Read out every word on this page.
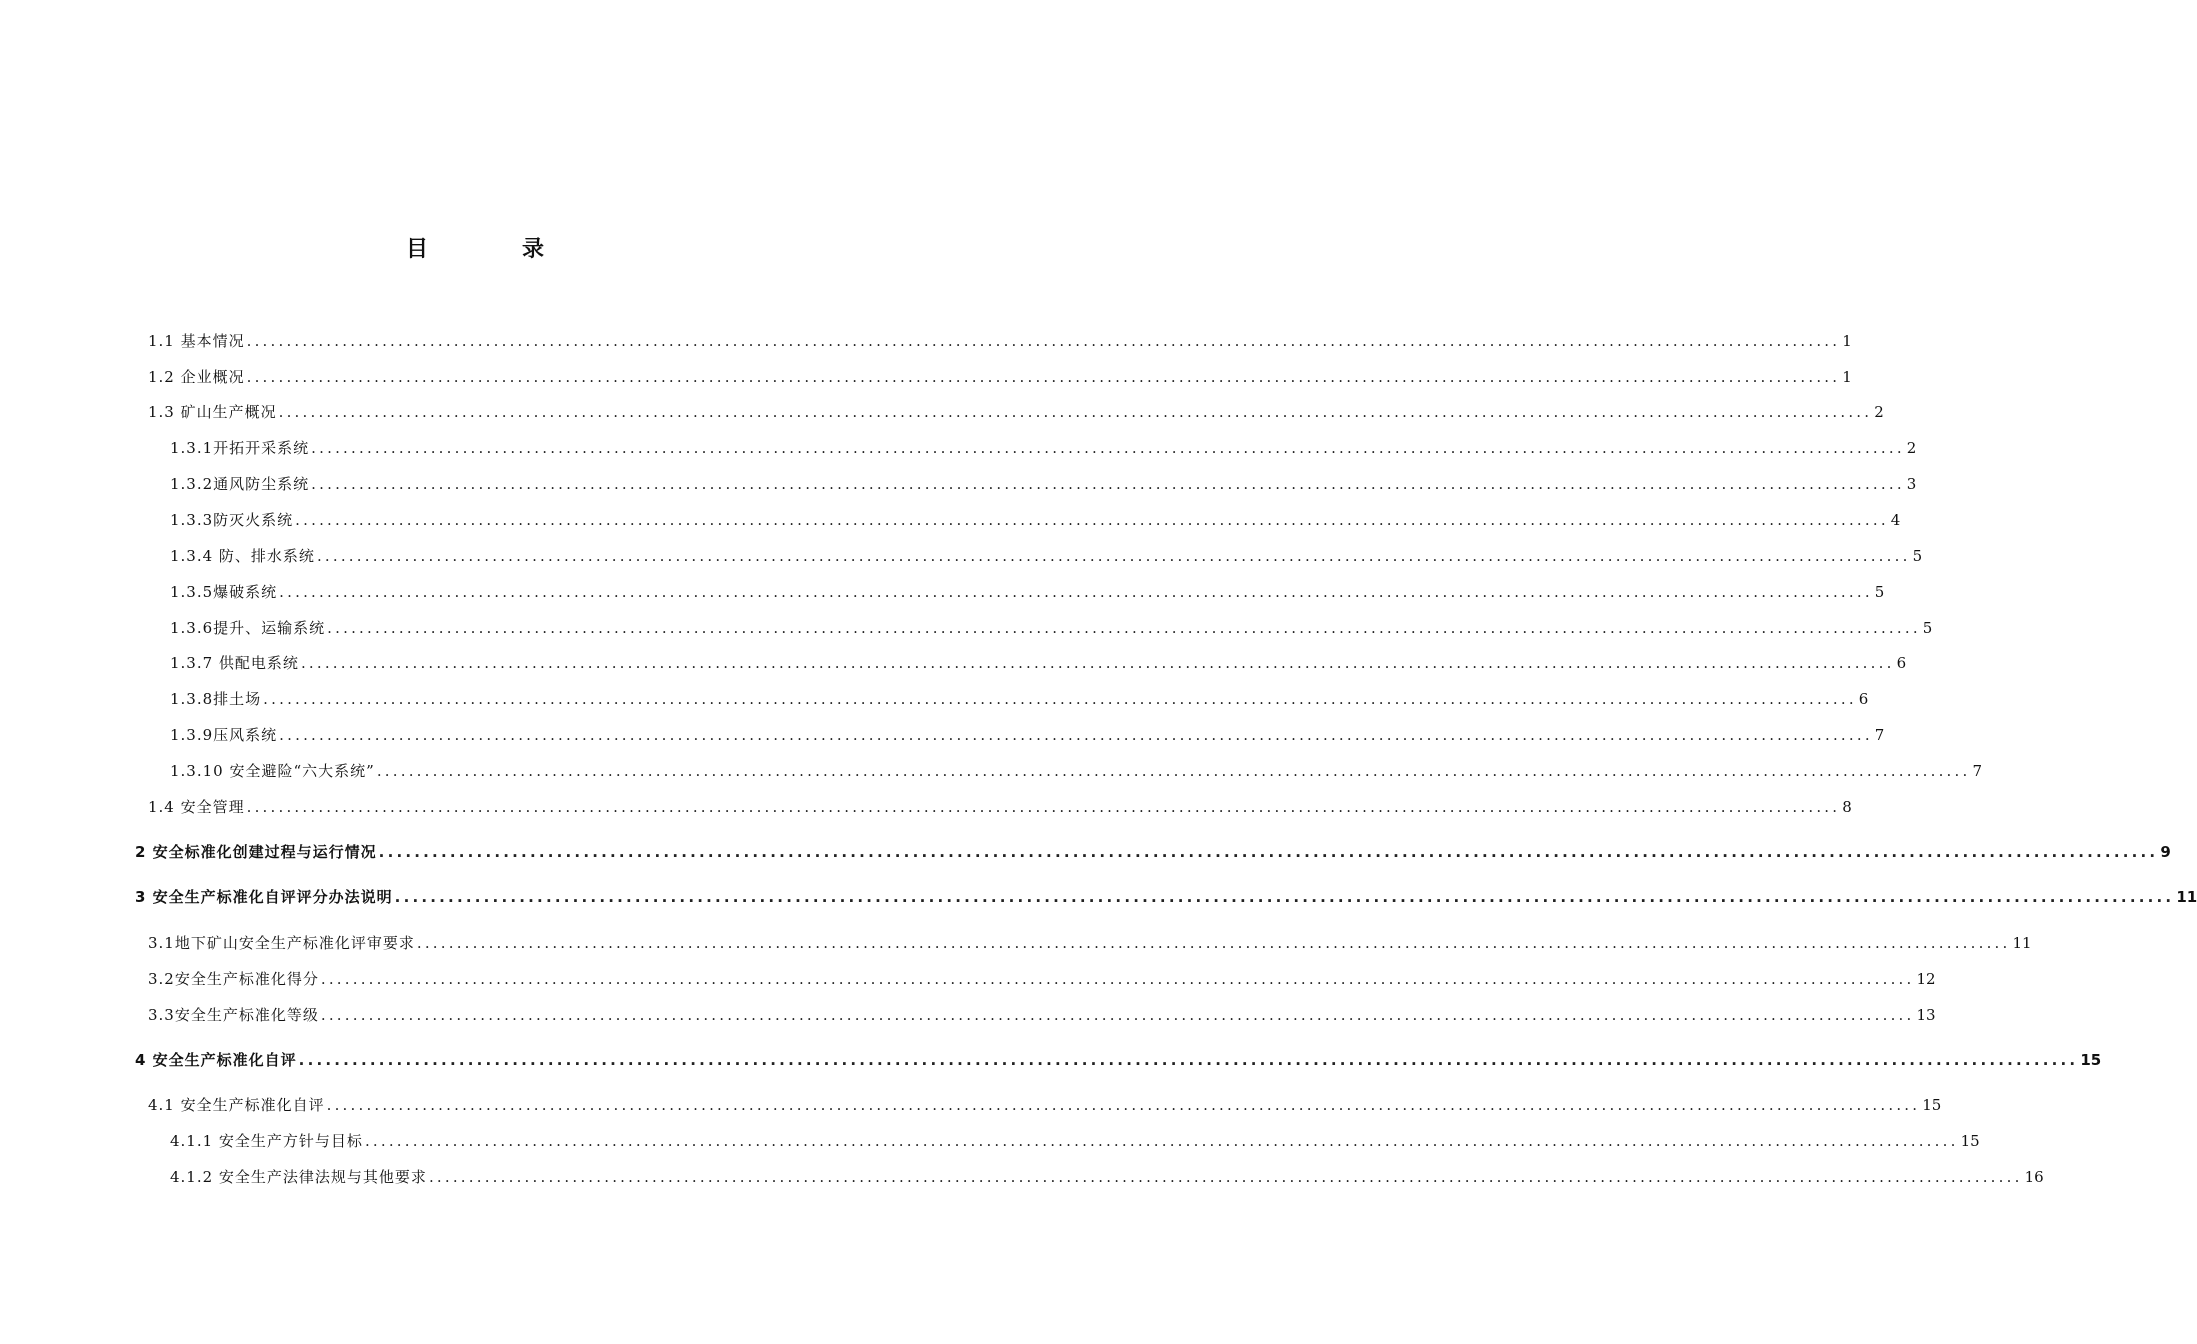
目　录
1.1 基本情况 ........................................................................................................................................................................................................ 1
1.2 企业概况 ........................................................................................................................................................................................................ 1
1.3 矿山生产概况 ........................................................................................................................................................................................................ 2
1.3.1开拓开采系统 ........................................................................................................................................................................................................ 2
1.3.2通风防尘系统 ........................................................................................................................................................................................................ 3
1.3.3防灭火系统 ........................................................................................................................................................................................................ 4
1.3.4 防、排水系统 ........................................................................................................................................................................................................ 5
1.3.5爆破系统 ........................................................................................................................................................................................................ 5
1.3.6提升、运输系统 ........................................................................................................................................................................................................ 5
1.3.7 供配电系统 ........................................................................................................................................................................................................ 6
1.3.8排土场 ........................................................................................................................................................................................................ 6
1.3.9压风系统 ........................................................................................................................................................................................................ 7
1.3.10 安全避险“六大系统” ........................................................................................................................................................................................................ 7
1.4 安全管理 ........................................................................................................................................................................................................ 8
2 安全标准化创建过程与运行情况 ........................................................................................................................................................................................................ 9
3 安全生产标准化自评评分办法说明 ........................................................................................................................................................................................................ 11
3.1地下矿山安全生产标准化评审要求 ........................................................................................................................................................................................................ 11
3.2安全生产标准化得分 ........................................................................................................................................................................................................ 12
3.3安全生产标准化等级 ........................................................................................................................................................................................................ 13
4 安全生产标准化自评 ........................................................................................................................................................................................................ 15
4.1 安全生产标准化自评 ........................................................................................................................................................................................................ 15
4.1.1 安全生产方针与目标 ........................................................................................................................................................................................................ 15
4.1.2 安全生产法律法规与其他要求 ........................................................................................................................................................................................................ 16
